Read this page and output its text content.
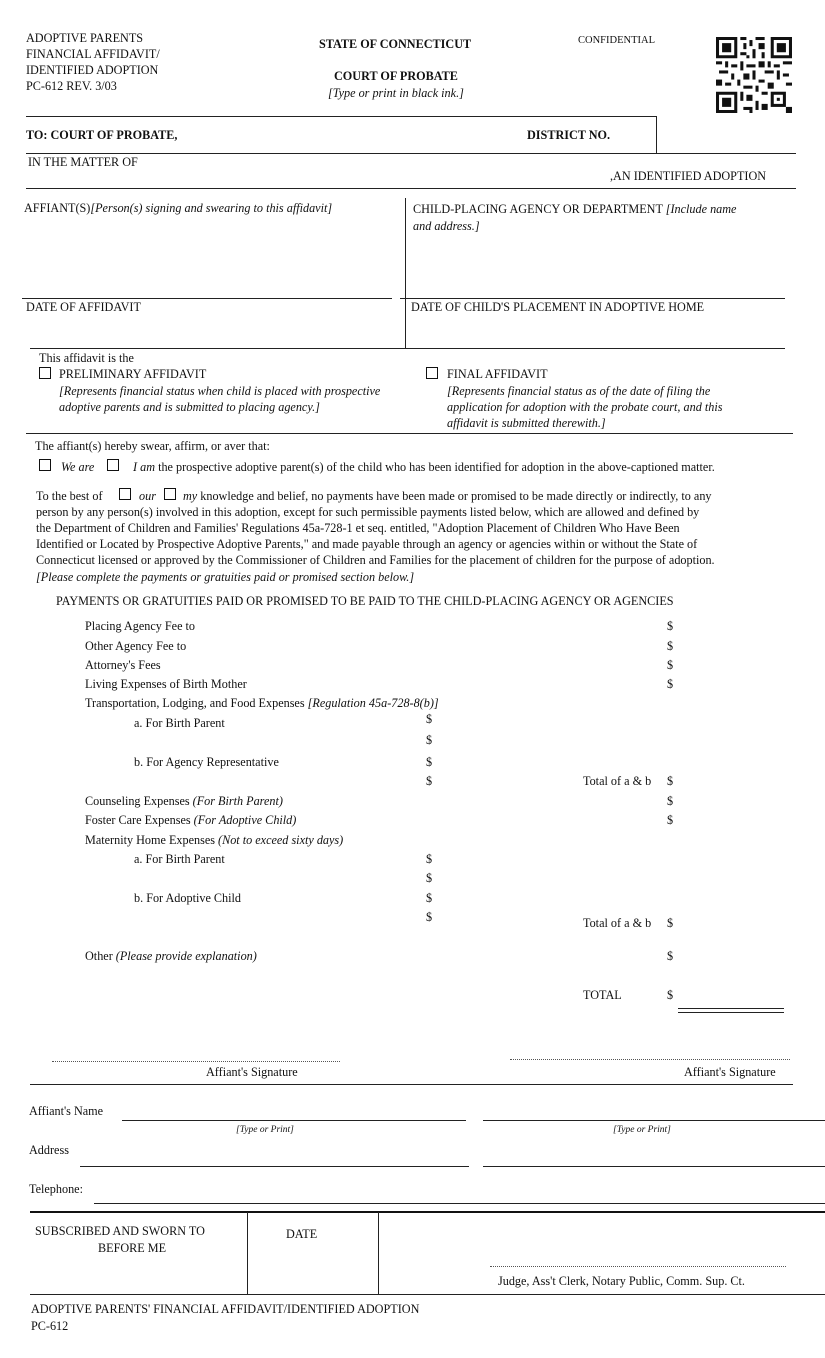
ADOPTIVE PARENTS
FINANCIAL AFFIDAVIT/
IDENTIFIED ADOPTION
PC-612 REV. 3/03
STATE OF CONNECTICUT
COURT OF PROBATE
[Type or print in black ink.]
CONFIDENTIAL
TO: COURT OF PROBATE,	DISTRICT NO.
IN THE MATTER OF
,AN IDENTIFIED ADOPTION
AFFIANT(S)[Person(s) signing and swearing to this affidavit]	CHILD-PLACING AGENCY OR DEPARTMENT [Include name
and address.]
DATE OF AFFIDAVIT	DATE OF CHILD'S PLACEMENT IN ADOPTIVE HOME
This affidavit is the
PRELIMINARY AFFIDAVIT
[Represents financial status when child is placed with prospective
adoptive parents and is submitted to placing agency.]
FINAL AFFIDAVIT
[Represents financial status as of the date of filing the
application for adoption with the probate court, and this
affidavit is submitted therewith.]
The affiant(s) hereby swear, affirm, or aver that:
We are	I am the prospective adoptive parent(s) of the child who has been identified for adoption in the above-captioned matter.
To the best of	our my knowledge and belief, no payments have been made or promised to be made directly or indirectly, to any
person by any person(s) involved in this adoption, except for such permissible payments listed below, which are allowed and defined by
the Department of Children and Families' Regulations 45a-728-1 et seq. entitled, "Adoption Placement of Children Who Have Been
Identified or Located by Prospective Adoptive Parents," and made payable through an agency or agencies within or without the State of
Connecticut licensed or approved by the Commissioner of Children and Families for the placement of children for the purpose of adoption.
[Please complete the payments or gratuities paid or promised section below.]
PAYMENTS OR GRATUITIES PAID OR PROMISED TO BE PAID TO THE CHILD-PLACING AGENCY OR AGENCIES
Placing Agency Fee to	$
Other Agency Fee to	$
Attorney's Fees	$
Living Expenses of Birth Mother	$
Transportation, Lodging, and Food Expenses [Regulation 45a-728-8(b)]
a. For Birth Parent	$
$
b. For Agency Representative	$
$	Total of a & b $
Counseling Expenses (For Birth Parent)	$
Foster Care Expenses (For Adoptive Child)	$
Maternity Home Expenses (Not to exceed sixty days)
a. For Birth Parent	$
$
b. For Adoptive Child	$
$	Total of a & b $
Other (Please provide explanation)	$
TOTAL	$
Affiant's Signature	Affiant's Signature
Affiant's Name
[Type or Print]	[Type or Print]
Address
Telephone:
SUBSCRIBED AND SWORN TO
BEFORE ME
DATE
Judge, Ass't Clerk, Notary Public, Comm. Sup. Ct.
ADOPTIVE PARENTS' FINANCIAL AFFIDAVIT/IDENTIFIED ADOPTION
PC-612
